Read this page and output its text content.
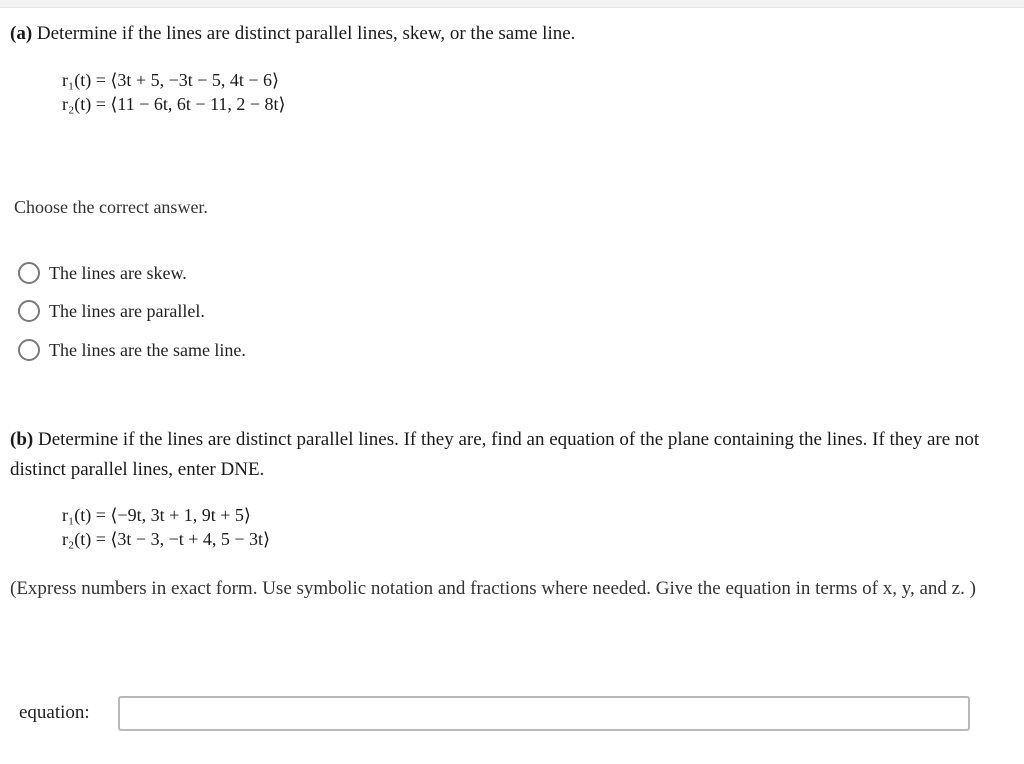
(a) Determine if the lines are distinct parallel lines, skew, or the same line.
r₁(t) = ⟨3t + 5, −3t − 5, 4t − 6⟩
r₂(t) = ⟨11 − 6t, 6t − 11, 2 − 8t⟩
Choose the correct answer.
The lines are skew.
The lines are parallel.
The lines are the same line.
(b) Determine if the lines are distinct parallel lines. If they are, find an equation of the plane containing the lines. If they are not distinct parallel lines, enter DNE.
r₁(t) = ⟨−9t, 3t + 1, 9t + 5⟩
r₂(t) = ⟨3t − 3, −t + 4, 5 − 3t⟩
(Express numbers in exact form. Use symbolic notation and fractions where needed. Give the equation in terms of x, y, and z. )
equation:
